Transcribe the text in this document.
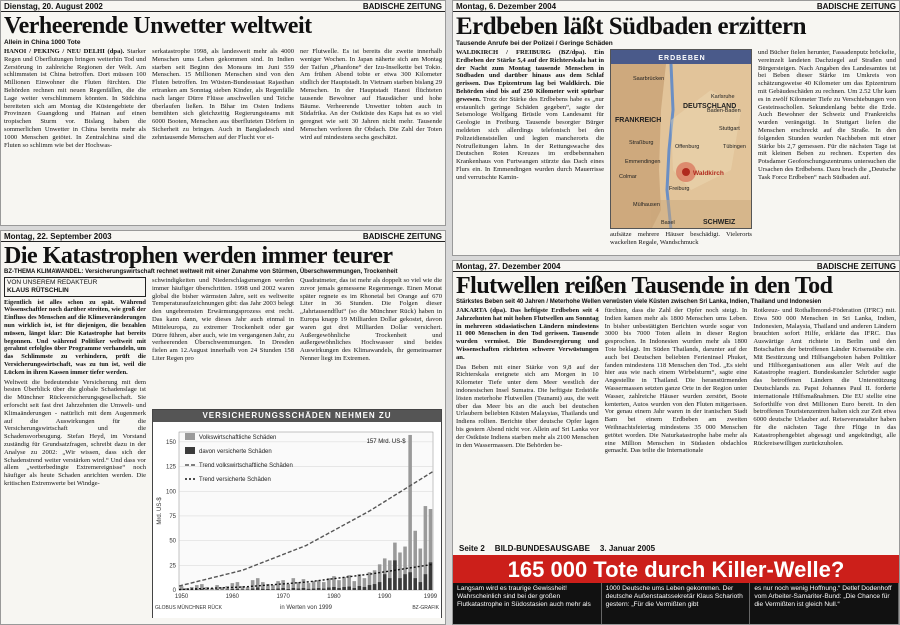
Dienstag, 20. August 2002	BADISCHE ZEITUNG
Verheerende Unwetter weltweit
Allein in China 1000 Tote
HANOI / PEKING / NEU DELHI (dpa). Starker Regen und Überflutungen bringen weiterhin Tod und Zerstörung in zahlreiche Regionen der Welt. Am schlimmsten ist China betroffen. Dort müssen 100 Millionen Einwohner die Fluten fürchten. Die Behörden rechnen mit neuen Regenfällen, die die Lage weiter verschlimmern könnten. In Südchina bereiteten sich am Montag die Küstengebiete der Provinzen Guangdong und Hainan auf einen tropischen Sturm vor. Bislang haben die sommerlichen Unwetter in China bereits mehr als 1000 Menschen getötet. In Zentralchina sind die Fluten so schlimm wie bei der Hochwas-
serkatastrophe 1998, als landesweit mehr als 4000 Menschen ums Leben gekommen sind. In Indien starben seit Beginn des Monsuns im Juni 559 Menschen. 15 Millionen Menschen sind von den Fluten betroffen. Im Wüsten-Bundesstaat Rajasthan ertranken am Sonntag sieben Kinder, als Regenfälle nach langer Dürre Flüsse anschwellen und Teiche überlaufen ließen. In Bihar im Osten Indiens bemühten sich gleichzeitig Regierungsteams mit 6000 Booten, Menschen aus überfluteten Dörfern in Sicherheit zu bringen. Auch in Bangladesch sind zehntausende Menschen auf der Flucht vor ei-
ner Flutwelle. Es ist bereits die zweite innerhalb weniger Wochen. In Japan näherte sich am Montag der Taifun „Phanfone“ der Izu-Inselkette bei Tokio. Am frühen Abend tobte er etwa 300 Kilometer südlich der Hauptstadt. In Vietnam starben bislang 29 Menschen. In der Hauptstadt Hanoi flüchteten tausende Bewohner auf Hausdächer und hohe Bäume. Verheerende Unwetter tobten auch in Südafrika. An der Ostküste des Kaps hat es so viel geregnet wie seit 30 Jahren nicht mehr. Tausende Menschen verloren ihr Obdach. Die Zahl der Toten wird auf mindestens sechs geschätzt.
Montag, 6. Dezember 2004	BADISCHE ZEITUNG
Erdbeben läßt Südbaden erzittern
Tausende Anrufe bei der Polizei / Geringe Schäden
WALDKIRCH / FREIBURG (BZ/dpa). Ein Erdbeben der Stärke 5,4 auf der Richterskala hat in der Nacht zum Montag tausende Menschen in Südbaden und darüber hinaus aus dem Schlaf gerissen. Das Epizentrum lag bei Waldkirch. Die Behörden sind bis auf 250 Kilometer weit spürbar gewesen. Trotz der Stärke des Erdbebens habe es „nur erstaunlich geringe Schäden gegeben“, sagte der Seismologe Wolfgang Brüstle vom Landesamt für Geologie in Freiburg. Tausende besorgter Bürger meldeten sich allerdings telefonisch bei den Polizeidienststellen und legten mancherorts die Notrufleitungen lahm. In der Rettungswache des Deutschen Roten Kreuzes im erdbebennahen Krankenhaus von Furtwangen stürzte das Dach eines Flurs ein. In Emmendingen wurden durch Mauerrisse und verrutschte Kamin-
ERDBEBEN
DEUTSCHLAND
FRANKREICH
SCHWEIZ
Saarbrücken
Karlsruhe
Baden-Baden
Stuttgart
Straßburg
Tübingen
Offenburg
Emmendingen
Waldkirch
Colmar
Freiburg
Mülhausen
Basel
aufsätze mehrere Häuser beschädigt. Vielerorts wackelten Regale, Wandschmuck
und Bücher fielen herunter, Fassadenputz bröckelte, vereinzelt landeten Dachziegel auf Straßen und Bürgersteigen. Nach Angaben des Landesamtes ist bei Beben dieser Stärke im Umkreis von schätzungsweise 40 Kilometer um das Epizentrum mit Gebäudeschäden zu rechnen. Um 2.52 Uhr kam es in zwölf Kilometer Tiefe zu Verschiebungen von Gesteinsschollen. Sekundenlang bebte die Erde. Auch Bewohner der Schweiz und Frankreichs wurden verängstigt. In Stuttgart liefen die Menschen erschreckt auf die Straße. In den folgenden Stunden wurden Nachbeben mit einer Stärke bis 2,7 gemessen. Für die nächsten Tage ist mit kleinen Beben zu rechnen. Experten des Potsdamer Geoforschungszentrums untersuchen die Ursachen des Erdbebens. Dazu brach die „Deutsche Task Force Erdbeben“ nach Südbaden auf.
Montag, 22. September 2003	BADISCHE ZEITUNG
Die Katastrophen werden immer teurer
BZ-THEMA KLIMAWANDEL: Versicherungswirtschaft rechnet weltweit mit einer Zunahme von Stürmen, Überschwemmungen, Trockenheit
VON UNSEREM REDAKTEUR
KLAUS RÜTSCHLIN
Eigentlich ist alles schon zu spät. Während Wissenschaftler noch darüber streiten, wie groß der Einfluss des Menschen auf die Klimeveränderungen nun wirklich ist, ist für diejenigen, die bezahlen müssen, längst klar: Die Katastrophe hat bereits begonnen. Und während Politiker weltweit mit gerahmt erfolglos über Programme verhandeln, um das Schlimmste zu verhindern, prüft die Versicherungswirtschaft, was zu tun ist, weil die Lücken in ihren Kassen immer tiefer werden.
Weltweit die bedeutendste Versicherung mit dem besten Überblick über die globale Schadenslage ist die Münchner Rückversicherungsgesellschaft. Sie erforscht seit fast drei Jahrzehnten die Umwelt- und Klimaänderungen - natürlich mit dem Augenmerk auf die Auswirkungen für die Versicherungswirtschaft und die Schadensvorbeugung. Stefan Heyd, im Vorstand zuständig für Grundsatzfragen, schreibt dazu in der Analyse zu 2002: „Wir wissen, dass sich der Schadenstrend weiter verstärken wird.“ Und dass vor allem „wetterbedingte Extremereignisse“ noch häufiger als heute Schaden anrichten werden. Die kritischen Extremwerte bei Windge-
schwindigkeiten und Niederschlagsmengen werden immer häufiger überschritten. 1998 und 2002 waren global die bisher wärmsten Jahre, seit es weltweite Temperaturaufzeichnungen gibt: das Jahr 2003 belegt den ungebremsten Erwärmungsprozess erst recht. Das kann dann, wie dieses Jahr auch einmal in Mitteleuropa, zu extremer Trockenheit oder gar Dürre führen, aber auch, wie im vergangenen Jahr, zu verheerenden Überschwemmungen. In Dresden fielen am 12.August innerhalb von 24 Stunden 158 Liter Regen pro
Quadratmeter, das ist mehr als doppelt so viel wie die zuvor jemals gemessene Regenmenge. Einen Monat später regnete es im Rhonetal bei Orange auf 670 Liter in 36 Stunden. Die Folgen dieser „Jahrtausendflut“ (so die Münchner Rück) haben in Europa knapp 19 Milliarden Dollar gekostet, davon waren gut drei Milliarden Dollar versichert. Außergewöhnliche Trockenheit und außergewöhnliches Hochwasser sind beides Auswirkungen des Klimawandels, ihr gemeinsamer Nenner liegt im Extremen.
VERSICHERUNGSSCHÄDEN NEHMEN ZU
0
25
50
75
100
125
150
1950	1960	1970	1980	1990	1999
Mrd. US-$
157 Mrd. US-$
Volkswirtschaftliche Schäden
davon versicherte Schäden
Trend volkswirtschaftliche Schäden
Trend versicherte Schäden
in Werten von 1999
GLOBUS MÜNCHNER RÜCK	BZ-GRAFIK
Montag, 27. Dezember 2004	BADISCHE ZEITUNG
Flutwellen reißen Tausende in den Tod
Stärkstes Beben seit 40 Jahren / Meterhohe Wellen verwüsten viele Küsten zwischen Sri Lanka, Indien, Thailand und Indonesien
JAKARTA (dpa). Das heftigste Erdbeben seit 4 Jahrzehnten hat mit hohen Flutwellen am Sonntag in mehreren südasiatischen Ländern mindestens 11 000 Menschen in den Tod gerissen. Tausende wurden vermisst. Die Bundesregierung und Wissenschaften richteten schwere Verwüstungen an.
Das Beben mit einer Stärke von 9,8 auf der Richterskala ereignete sich am Morgen in 10 Kilometer Tiefe unter dem Meer westlich der indonesischen Insel Sumatra. Die heftigste Erdstöße lösten meterhohe Flutwellen (Tsunami) aus, die weit über das Meer bis an die auch bei deutschen Urlaubern beliebten Küsten Malaysias, Thailands und Indiens rollten. Berichte über deutsche Opfer lagen bis gestern Abend nicht vor. Allein auf Sri Lanka vor der Ostküste Indiens starben mehr als 2100 Menschen in den Wassermassen. Die Behörden be-
fürchten, dass die Zahl der Opfer noch steigt. In Indien kamen mehr als 1800 Menschen ums Leben. In bisher unbestätigten Berichten wurde sogar von 3000 bis 7000 Toten allein in dieser Region gesprochen. In Indonesien wurden mehr als 1800 Tote beklagt. Im Süden Thailands, darunter auf der auch bei Deutschen beliebten Ferieninsel Phuket, fanden mindestens 118 Menschen den Tod. „Es sieht hier aus wie nach einem Wirbelsturm“, sagte eine Angestellte in Thailand. Die heranstürmenden Wassermassen setzten ganze Orte in der Region unter Wasser, zahlreiche Häuser wurden zerstört, Boote kenterten, Autos wurden von den Fluten mitgerissen. Vor genau einem Jahr waren in der iranischen Stadt Bam bei einem Erdbeben am zweiten Weihnachtsfeiertag mindestens 35 000 Menschen getötet worden. Die Naturkatastrophe habe mehr als eine Million Menschen in Südasien obdachlos gemacht. Das teilte die Internationale
Rotkreuz- und Rothalbmond-Föderation (IFRC) mit. Etwa 500 000 Menschen in Sri Lanka, Indien, Indonesien, Malaysia, Thailand und anderen Ländern brauchten sofort Hilfe, erklärte das IFRC. Das Auswärtige Amt richtete in Berlin und den Botschaften der betroffenen Länder Krisenstäbe ein. Mit Bestürzung und Hilfsangeboten haben Politiker und Hilfsorganisationen aus aller Welt auf die Katastrophe reagiert. Bundeskanzler Schröder sagte das betroffenen Ländern die Unterstützung Deutschlands zu. Papst Johannes Paul II. forderte internationale Hilfsmaßnahmen. Die EU stellte eine Soforthilfe von drei Millionen Euro bereit. In den betroffenen Touristenzentren halten sich zur Zeit etwa 6000 deutsche Urlauber auf. Reiseveranstalter haben für die nächsten Tage ihre Flüge in das Katastrophengebiet abgesagt und angekündigt, alle Rückreisewilligen zurückzuholen.
Seite 2 BILD-BUNDESAUSGABE 3. Januar 2005
165 000 Tote durch Killer-Welle?
Langsam wird es traurige Gewissheit! Wahrscheinlich sind bei der großen Flutkatastrophe in Südostasien auch mehr als
1000 Deutsche ums Leben gekommen. Der deutsche Außenstaatssekretär Klaus Scharioth gestern: „Für die Vermißten gibt
es nur noch wenig Hoffnung.“ Detlef Dodenhoff vom Arbeiter-Samariter-Bund: „Die Chance für die Vermißten ist gleich Null.“
